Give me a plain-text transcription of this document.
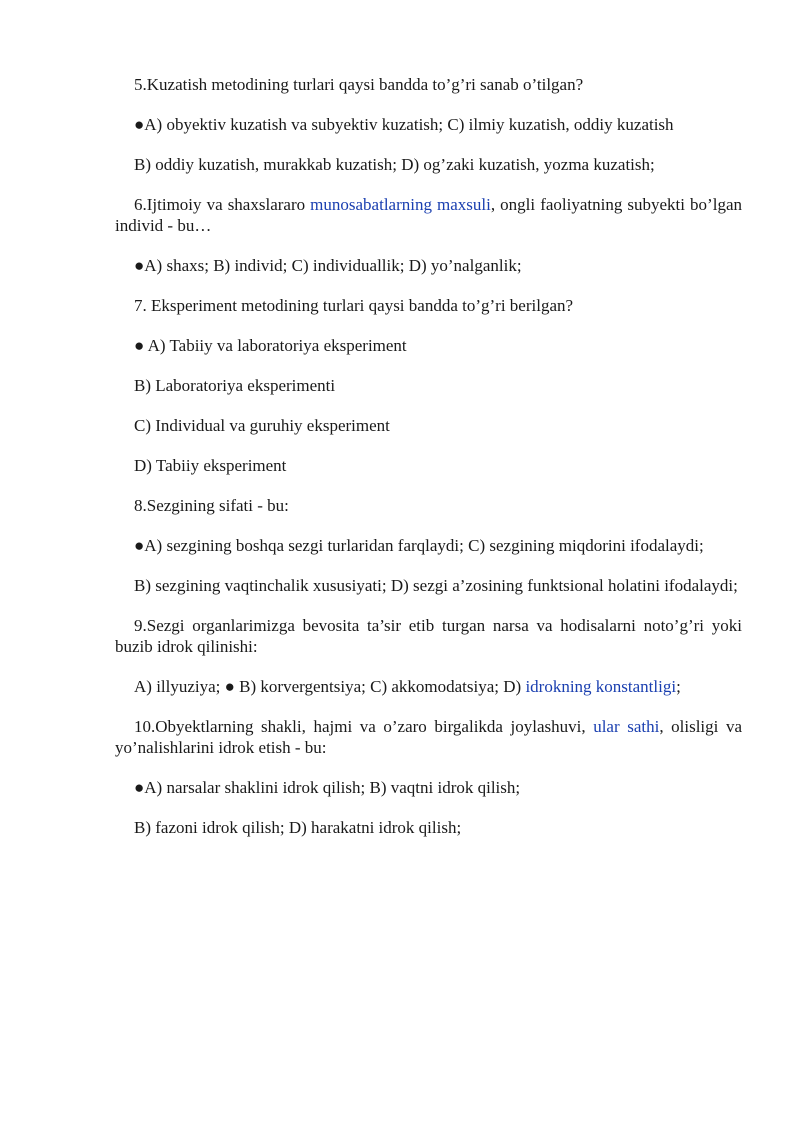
5.Kuzatish metodining turlari qaysi bandda to’g’ri sanab o’tilgan?

●A) obyektiv kuzatish va subyektiv kuzatish; C) ilmiy kuzatish, oddiy kuzatish

B) oddiy kuzatish, murakkab kuzatish; D) og’zaki kuzatish, yozma kuzatish;

6.Ijtimoiy va shaxslararo munosabatlarning maxsuli, ongli faoliyatning subyekti bo’lgan individ - bu…

●A) shaxs; B) individ; C) individuallik; D) yo’nalganlik;

7. Eksperiment metodining turlari qaysi bandda to’g’ri berilgan?

● A) Tabiiy va laboratoriya eksperiment

B) Laboratoriya eksperimenti

C) Individual va guruhiy eksperiment

D) Tabiiy eksperiment

8.Sezgining sifati - bu:

●A) sezgining boshqa sezgi turlaridan farqlaydi; C) sezgining miqdorini ifodalaydi;

B) sezgining vaqtinchalik xususiyati; D) sezgi a’zosining funktsional holatini ifodalaydi;

9.Sezgi organlarimizga bevosita ta’sir etib turgan narsa va hodisalarni noto’g’ri yoki buzib idrok qilinishi:

A) illyuziya; ● B) korvergentsiya; C) akkomodatsiya; D) idrokning konstantligi;

10.Obyektlarning shakli, hajmi va o’zaro birgalikda joylashuvi, ular sathi, olisligi va yo’nalishlarini idrok etish - bu:

●A) narsalar shaklini idrok qilish; B) vaqtni idrok qilish;

B) fazoni idrok qilish; D) harakatni idrok qilish;
